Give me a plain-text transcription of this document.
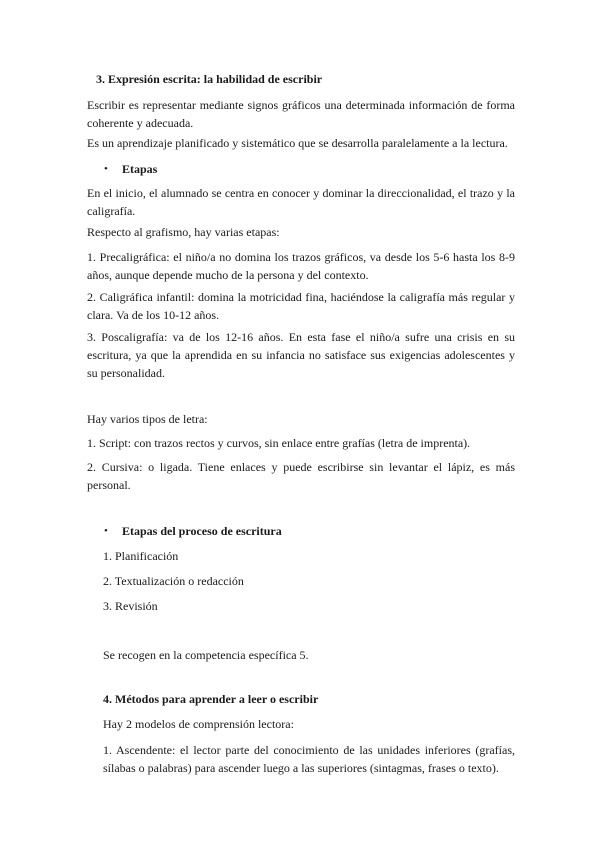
3. Expresión escrita: la habilidad de escribir

Escribir es representar mediante signos gráficos una determinada información de forma coherente y adecuada.

Es un aprendizaje planificado y sistemático que se desarrolla paralelamente a la lectura.

• Etapas

En el inicio, el alumnado se centra en conocer y dominar la direccionalidad, el trazo y la caligrafía.

Respecto al grafismo, hay varias etapas:

1. Precaligráfica: el niño/a no domina los trazos gráficos, va desde los 5-6 hasta los 8-9 años, aunque depende mucho de la persona y del contexto.

2. Caligráfica infantil: domina la motricidad fina, haciéndose la caligrafía más regular y clara. Va de los 10-12 años.

3. Poscaligrafía: va de los 12-16 años. En esta fase el niño/a sufre una crisis en su escritura, ya que la aprendida en su infancia no satisface sus exigencias adolescentes y su personalidad.

Hay varios tipos de letra:

1. Script: con trazos rectos y curvos, sin enlace entre grafías (letra de imprenta).

2. Cursiva: o ligada. Tiene enlaces y puede escribirse sin levantar el lápiz, es más personal.

• Etapas del proceso de escritura

1. Planificación

2. Textualización o redacción

3. Revisión

Se recogen en la competencia específica 5.

4. Métodos para aprender a leer o escribir

Hay 2 modelos de comprensión lectora:

1. Ascendente: el lector parte del conocimiento de las unidades inferiores (grafías, sílabas o palabras) para ascender luego a las superiores (sintagmas, frases o texto).
